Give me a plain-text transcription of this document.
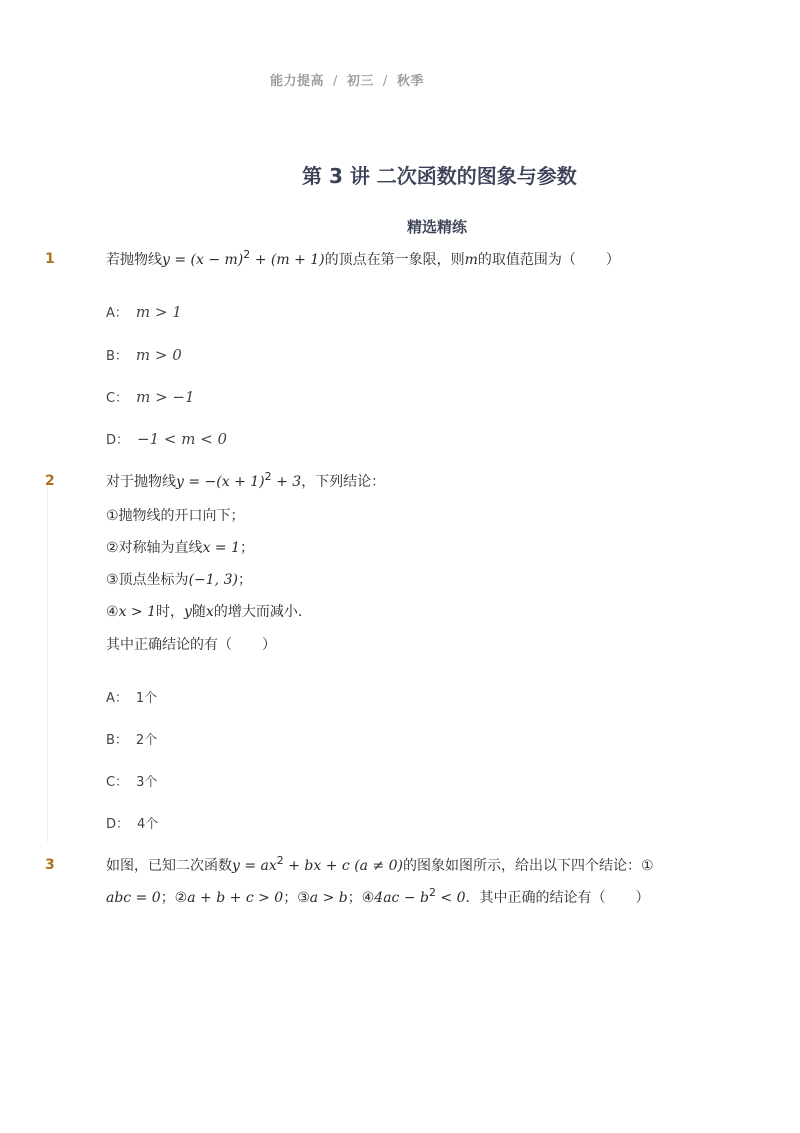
能力提高 / 初三 / 秋季
第 3 讲 二次函数的图象与参数
精选精练
1	若抛物线$y = (x - m)^2 + (m + 1)$的顶点在第一象限，则m的取值范围为（ ）
A： m > 1
B： m > 0
C： m > −1
D： −1 < m < 0
2	对于抛物线$y = -(x + 1)^2 + 3$，下列结论：
①抛物线的开口向下；
②对称轴为直线x = 1；
③顶点坐标为(−1, 3)；
④x > 1时，y随x的增大而减小．
其中正确结论的有（ ）
A： 1个
B： 2个
C： 3个
D： 4个
3	如图，已知二次函数$y = ax^2$ + bx + c (a ≠ 0)的图象如图所示，给出以下四个结论：①
abc = 0；②a + b + c > 0；③a > b；④4ac − $b^2 < 0$．其中正确的结论有（ ）
